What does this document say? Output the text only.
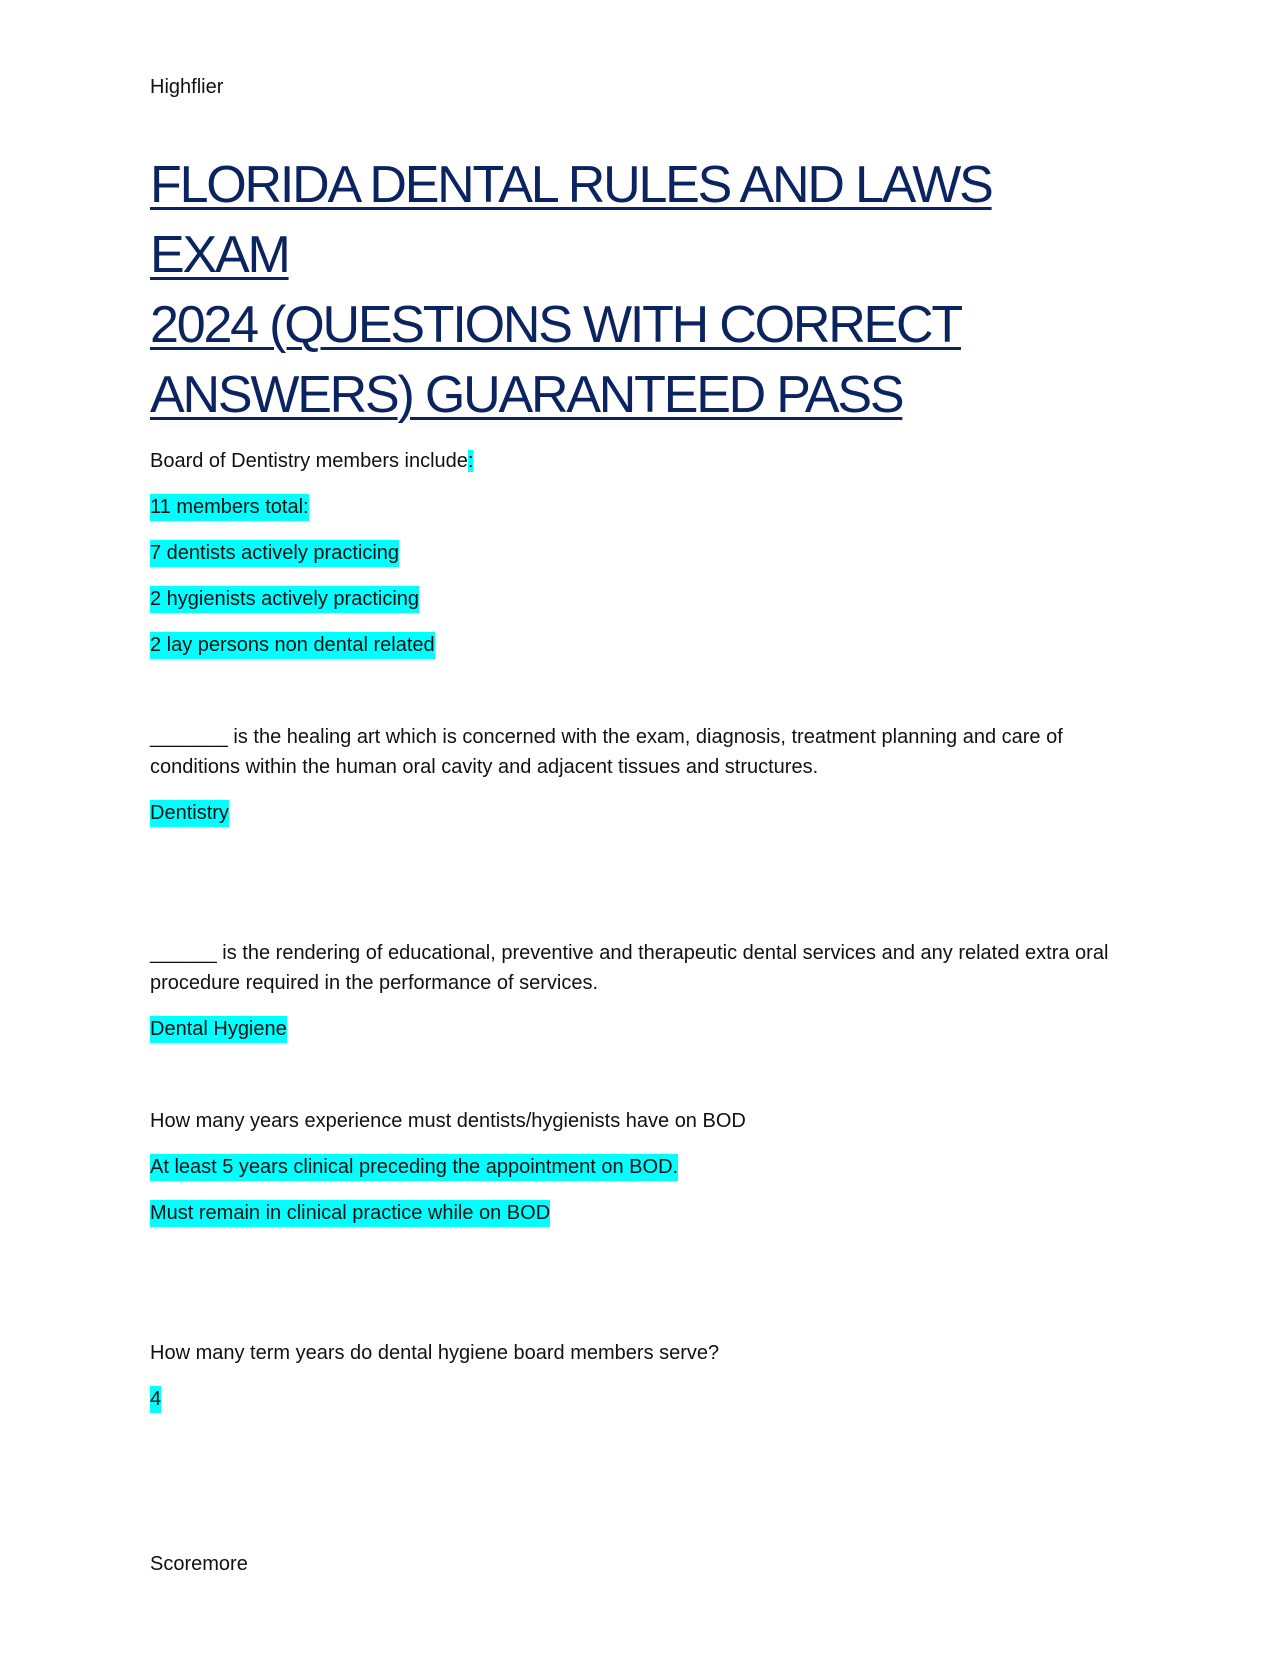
Highflier
FLORIDA DENTAL RULES AND LAWS EXAM
2024 (QUESTIONS WITH CORRECT
ANSWERS) GUARANTEED PASS
Board of Dentistry members include:
11 members total:
7 dentists actively practicing
2 hygienists actively practicing
2 lay persons non dental related
_______ is the healing art which is concerned with the exam, diagnosis, treatment planning and care of conditions within the human oral cavity and adjacent tissues and structures.
Dentistry
______ is the rendering of educational, preventive and therapeutic dental services and any related extra oral procedure required in the performance of services.
Dental Hygiene
How many years experience must dentists/hygienists have on BOD
At least 5 years clinical preceding the appointment on BOD.
Must remain in clinical practice while on BOD
How many term years do dental hygiene board members serve?
4
Scoremore
